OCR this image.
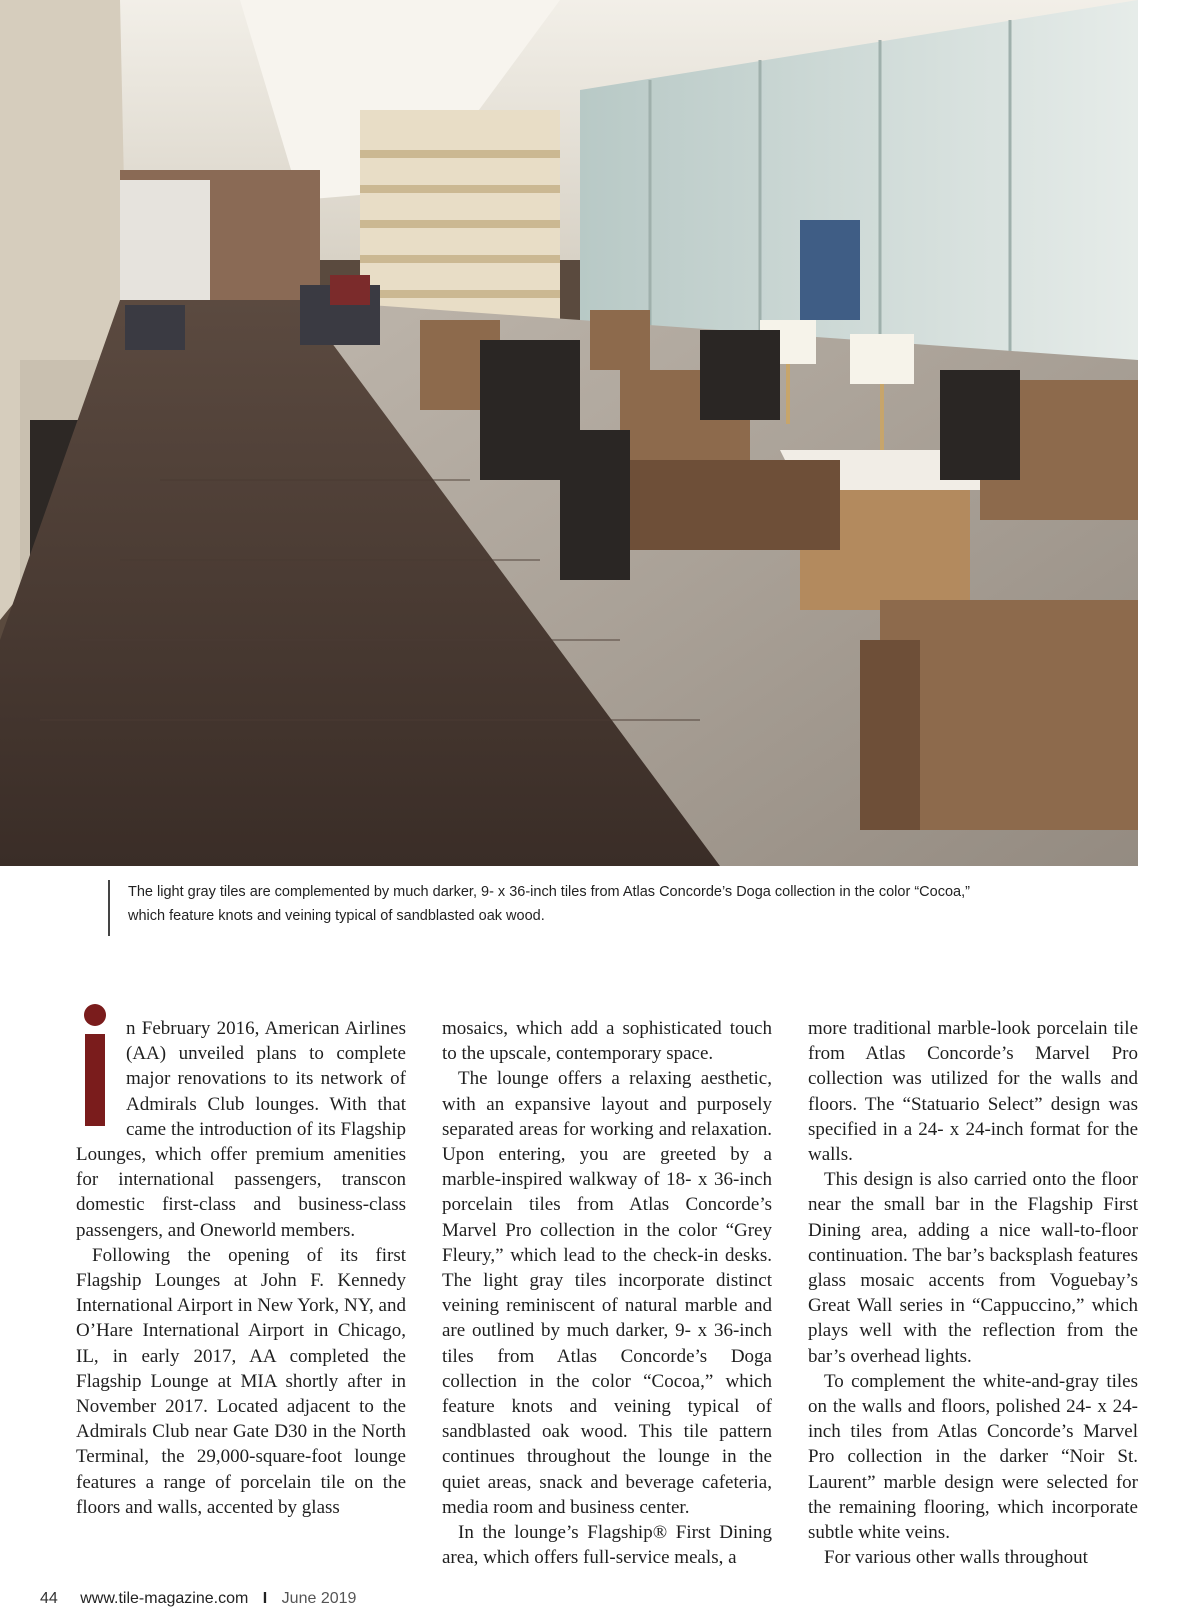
The light gray tiles are complemented by much darker, 9- x 36-inch tiles from Atlas Concorde’s Doga collection in the color “Cocoa,”

which feature knots and veining typical of sandblasted oak wood.

n February 2016, American Airlines (AA) unveiled plans to complete major renovations to its network of Admirals Club lounges. With that came the introduction of its Flagship Lounges, which offer premium amenities for international passengers, transcon domestic first-class and business-class passengers, and Oneworld members.

Following the opening of its first Flagship Lounges at John F. Kennedy International Airport in New York, NY, and O’Hare International Airport in Chicago, IL, in early 2017, AA completed the Flagship Lounge at MIA shortly after in November 2017. Located adjacent to the Admirals Club near Gate D30 in the North Terminal, the 29,000-square-foot lounge features a range of porcelain tile on the floors and walls, accented by glass

mosaics, which add a sophisticated touch to the upscale, contemporary space.

The lounge offers a relaxing aesthetic, with an expansive layout and purposely separated areas for working and relaxation. Upon entering, you are greeted by a marble-inspired walkway of 18- x 36-inch porcelain tiles from Atlas Concorde’s Marvel Pro collection in the color “Grey Fleury,” which lead to the check-in desks. The light gray tiles incorporate distinct veining reminiscent of natural marble and are outlined by much darker, 9- x 36-inch tiles from Atlas Concorde’s Doga collection in the color “Cocoa,” which feature knots and veining typical of sandblasted oak wood. This tile pattern continues throughout the lounge in the quiet areas, snack and beverage cafeteria, media room and business center.

In the lounge’s Flagship® First Dining area, which offers full-service meals, a

more traditional marble-look porcelain tile from Atlas Concorde’s Marvel Pro collection was utilized for the walls and floors. The “Statuario Select” design was specified in a 24- x 24-inch format for the walls.

This design is also carried onto the floor near the small bar in the Flagship First Dining area, adding a nice wall-to-floor continuation. The bar’s backsplash features glass mosaic accents from Voguebay’s Great Wall series in “Cappuccino,” which plays well with the reflection from the bar’s overhead lights.

To complement the white-and-gray tiles on the walls and floors, polished 24- x 24-inch tiles from Atlas Concorde’s Marvel Pro collection in the darker “Noir St. Laurent” marble design were selected for the remaining flooring, which incorporate subtle white veins.

For various other walls throughout

44 www.tile-magazine.com I June 2019
